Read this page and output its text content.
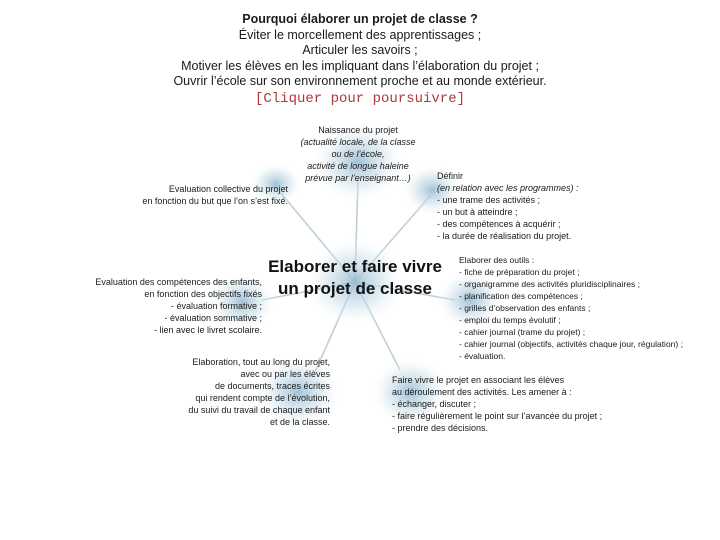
Pourquoi élaborer un projet de classe ?
Éviter le morcellement des apprentissages ;
Articuler les savoirs ;
Motiver les élèves en les impliquant dans l’élaboration du projet ;
Ouvrir l’école sur son environnement proche et au monde extérieur.
[Cliquer pour poursuivre]
Elaborer et faire vivre
un projet de classe
Naissance du projet
(actualité locale, de la classe
ou de l’école,
activité de longue haleine
prévue par l’enseignant…)	Définir
(en relation avec les programmes) :
- une trame des activités ;
- un but à atteindre ;
- des compétences à acquérir ;
- la durée de réalisation du projet.
Evaluation collective du projet
en fonction du but que l’on s’est fixé.
Evaluation des compétences des enfants,
en fonction des objectifs fixés
- évaluation formative ;
- évaluation sommative ;
- lien avec le livret scolaire.
Elaborer des outils :
- fiche de préparation du projet ;
- organigramme des activités pluridisciplinaires ;
- planification des compétences ;
- grilles d’observation des enfants ;
- emploi du temps évolutif ;
- cahier journal (trame du projet) ;
- cahier journal (objectifs, activités chaque jour, régulation) ;
- évaluation.
Elaboration, tout au long du projet,
avec ou par les élèves
de documents, traces écrites
qui rendent compte de l’évolution,
du suivi du travail de chaque enfant
et de la classe.
Faire vivre le projet en associant les élèves
au déroulement des activités. Les amener à :
- échanger, discuter ;
- faire régulièrement le point sur l’avancée du projet ;
- prendre des décisions.
